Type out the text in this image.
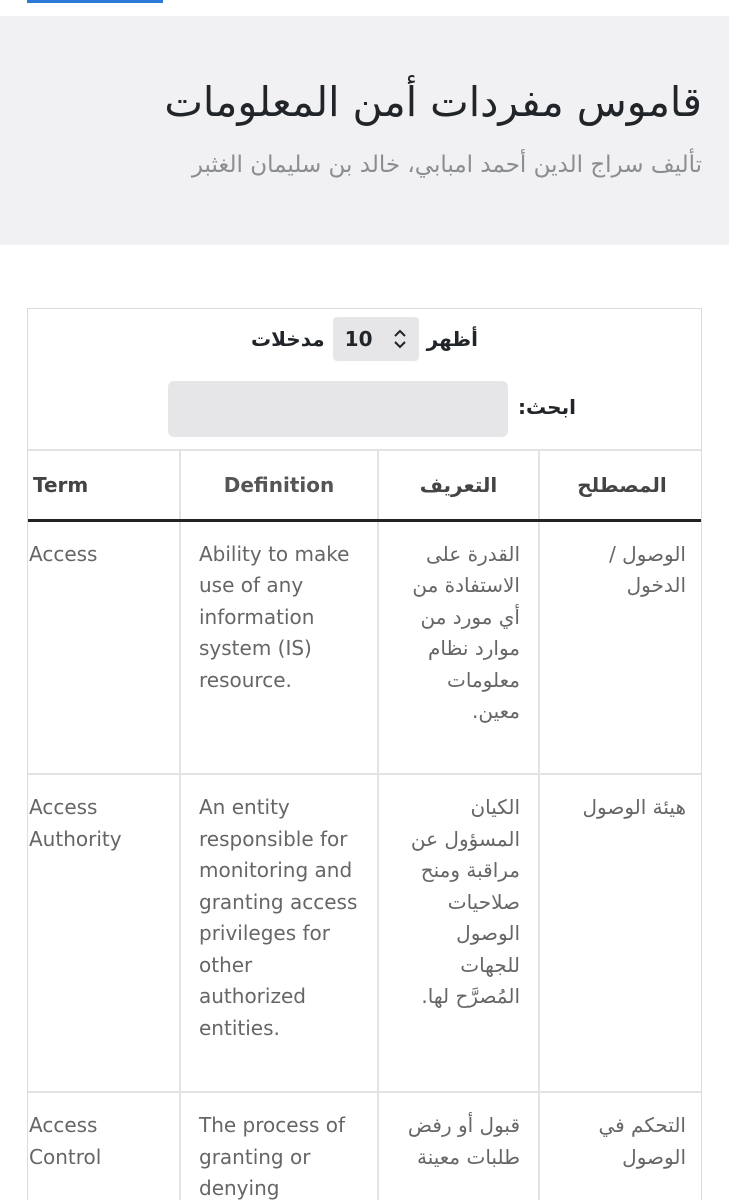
قاموس مفردات أمن المعلومات

تأليف سراج الدين أحمد امبابي، خالد بن سليمان الغثبر

أظهر
10
مدخلات
ابحث:
Term	Definition	التعريف	المصطلح

Access	Ability to make use of any information system (IS) resource.	القدرة على الاستفادة من أي مورد من موارد نظام معلومات معين.	الوصول / الدخول

Access Authority	An entity responsible for monitoring and granting access privileges for other authorized entities.	الكيان المسؤول عن مراقبة ومنح صلاحيات الوصول للجهات المُصرَّح لها.	هيئة الوصول

Access Control	The process of granting or denying	قبول أو رفض طلبات معينة	التحكم في الوصول
